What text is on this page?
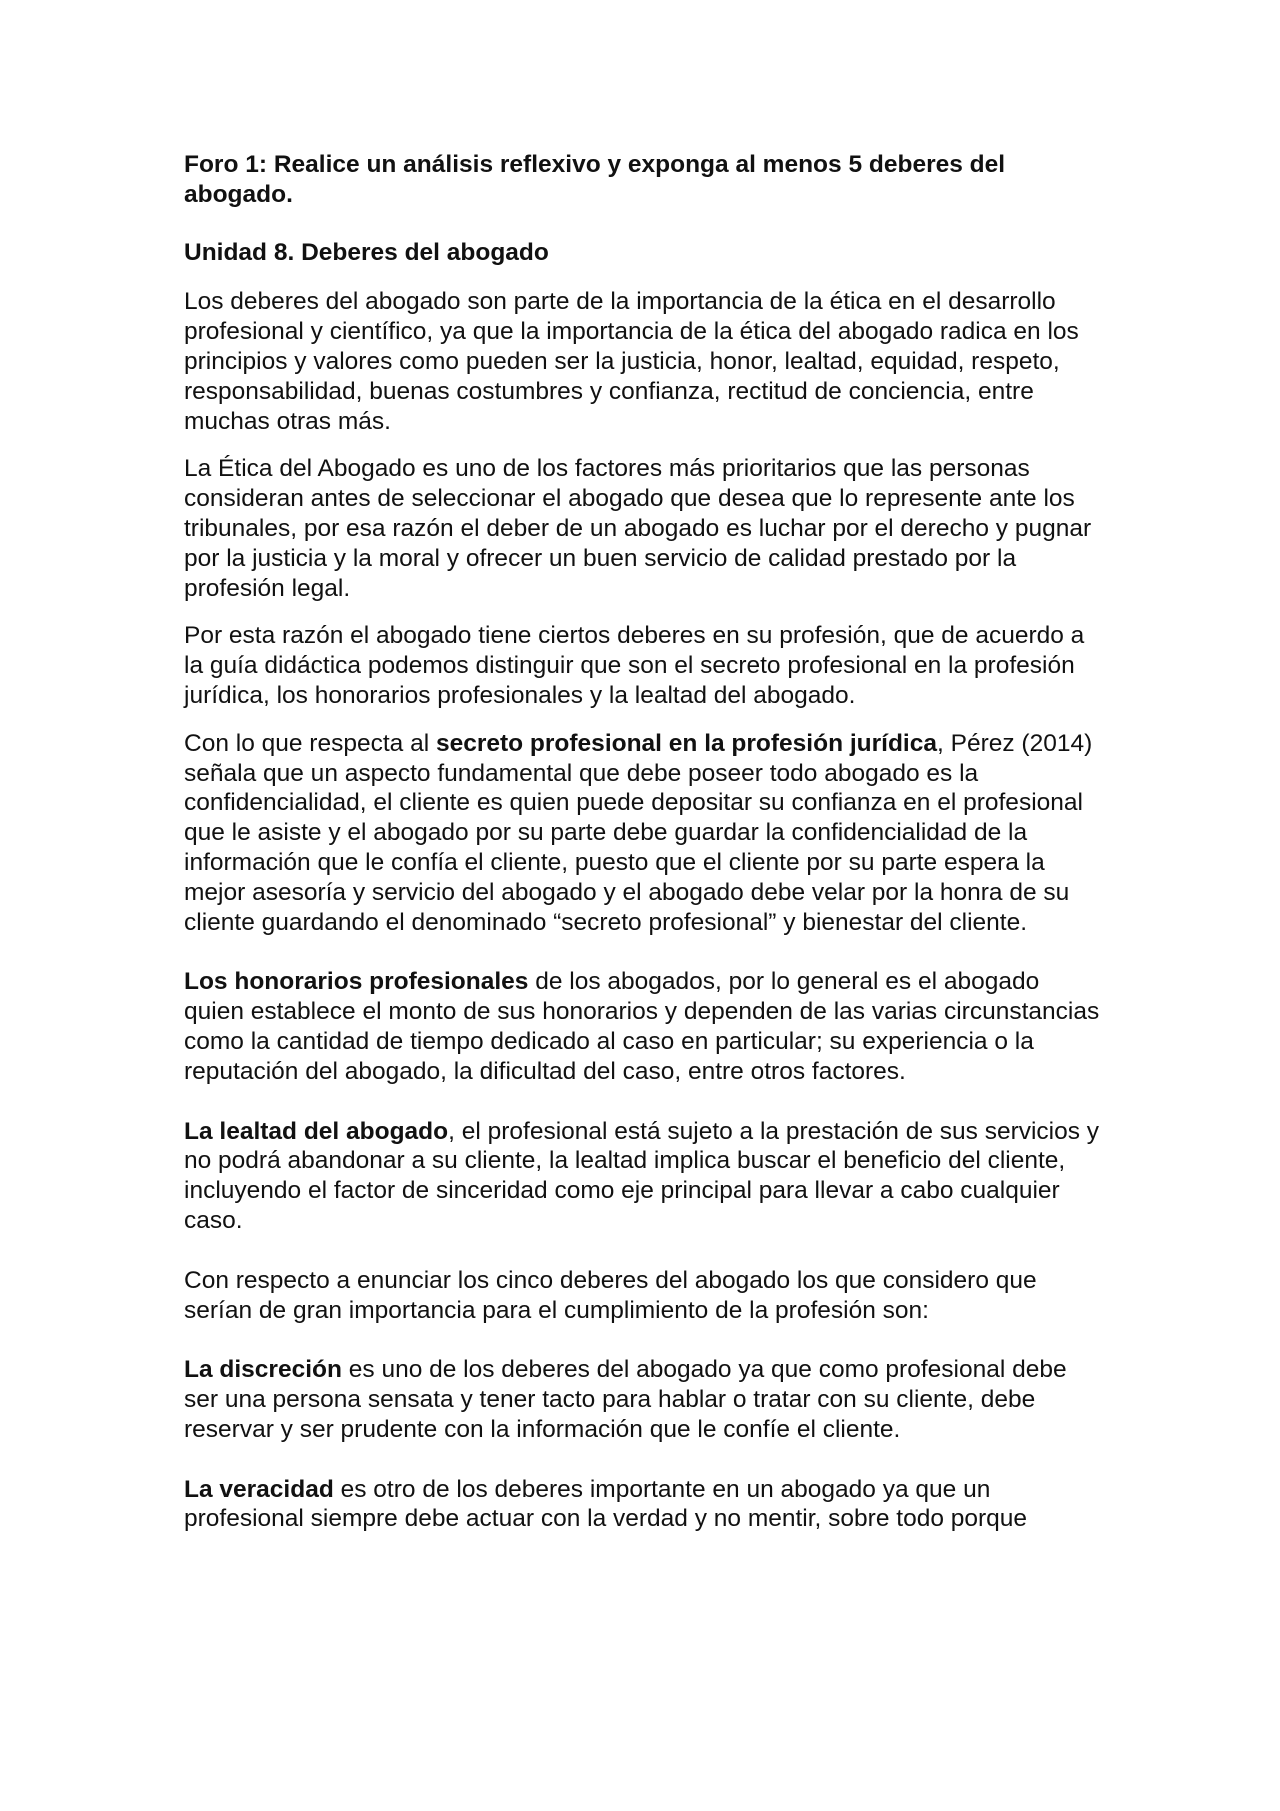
Foro 1: Realice un análisis reflexivo y exponga al menos 5 deberes del abogado.

Unidad 8. Deberes del abogado

Los deberes del abogado son parte de la importancia de la ética en el desarrollo profesional y científico, ya que la importancia de la ética del abogado radica en los principios y valores como pueden ser la justicia, honor, lealtad, equidad, respeto, responsabilidad, buenas costumbres y confianza, rectitud de conciencia, entre muchas otras más.

La Ética del Abogado es uno de los factores más prioritarios que las personas consideran antes de seleccionar el abogado que desea que lo represente ante los tribunales, por esa razón el deber de un abogado es luchar por el derecho y pugnar por la justicia y la moral y ofrecer un buen servicio de calidad prestado por la profesión legal.

Por esta razón el abogado tiene ciertos deberes en su profesión, que de acuerdo a la guía didáctica podemos distinguir que son el secreto profesional en la profesión jurídica, los honorarios profesionales y la lealtad del abogado.

Con lo que respecta al secreto profesional en la profesión jurídica, Pérez (2014) señala que un aspecto fundamental que debe poseer todo abogado es la confidencialidad, el cliente es quien puede depositar su confianza en el profesional que le asiste y el abogado por su parte debe guardar la confidencialidad de la información que le confía el cliente, puesto que el cliente por su parte espera la mejor asesoría y servicio del abogado y el abogado debe velar por la honra de su cliente guardando el denominado “secreto profesional” y bienestar del cliente.

Los honorarios profesionales de los abogados, por lo general es el abogado quien establece el monto de sus honorarios y dependen de las varias circunstancias como la cantidad de tiempo dedicado al caso en particular; su experiencia o la reputación del abogado, la dificultad del caso, entre otros factores.

La lealtad del abogado, el profesional está sujeto a la prestación de sus servicios y no podrá abandonar a su cliente, la lealtad implica buscar el beneficio del cliente, incluyendo el factor de sinceridad como eje principal para llevar a cabo cualquier caso.

Con respecto a enunciar los cinco deberes del abogado los que considero que serían de gran importancia para el cumplimiento de la profesión son:

La discreción es uno de los deberes del abogado ya que como profesional debe ser una persona sensata y tener tacto para hablar o tratar con su cliente, debe reservar y ser prudente con la información que le confíe el cliente.

La veracidad es otro de los deberes importante en un abogado ya que un profesional siempre debe actuar con la verdad y no mentir, sobre todo porque
